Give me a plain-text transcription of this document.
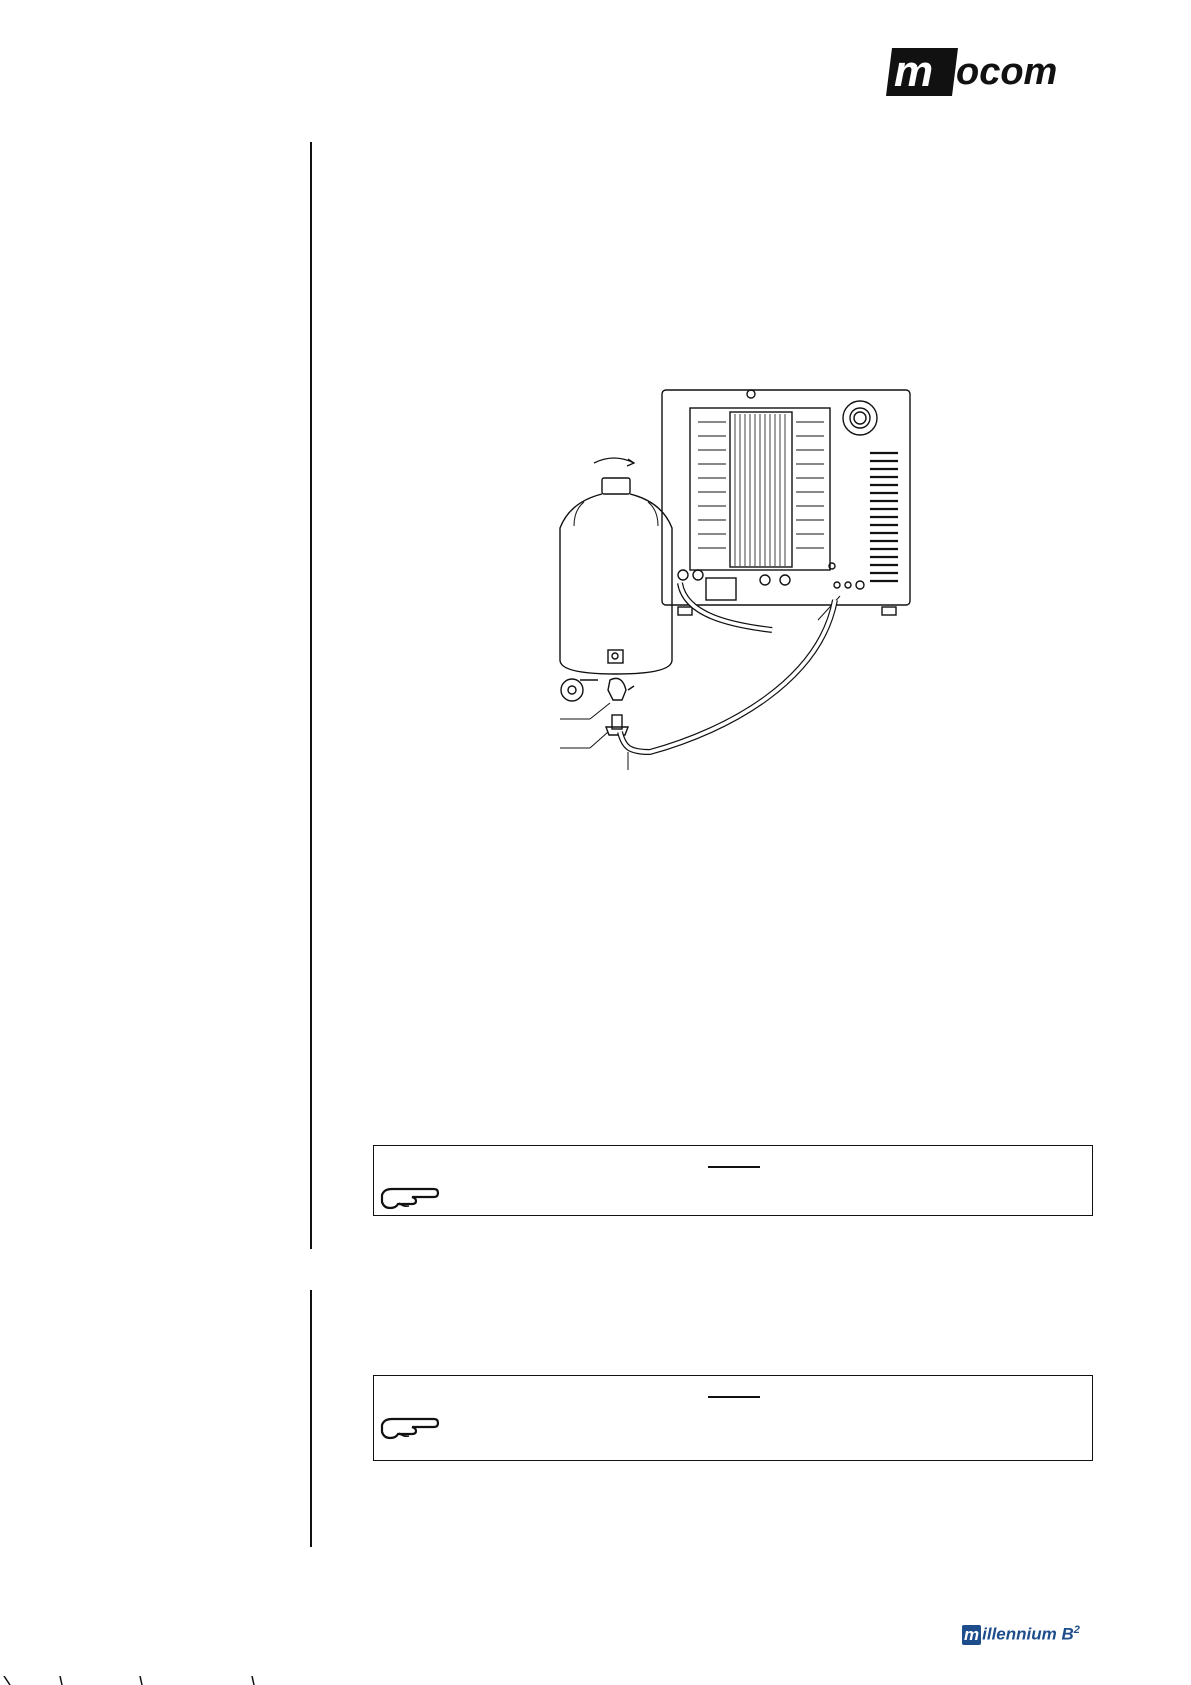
m ocom
m illennium $B^2$
